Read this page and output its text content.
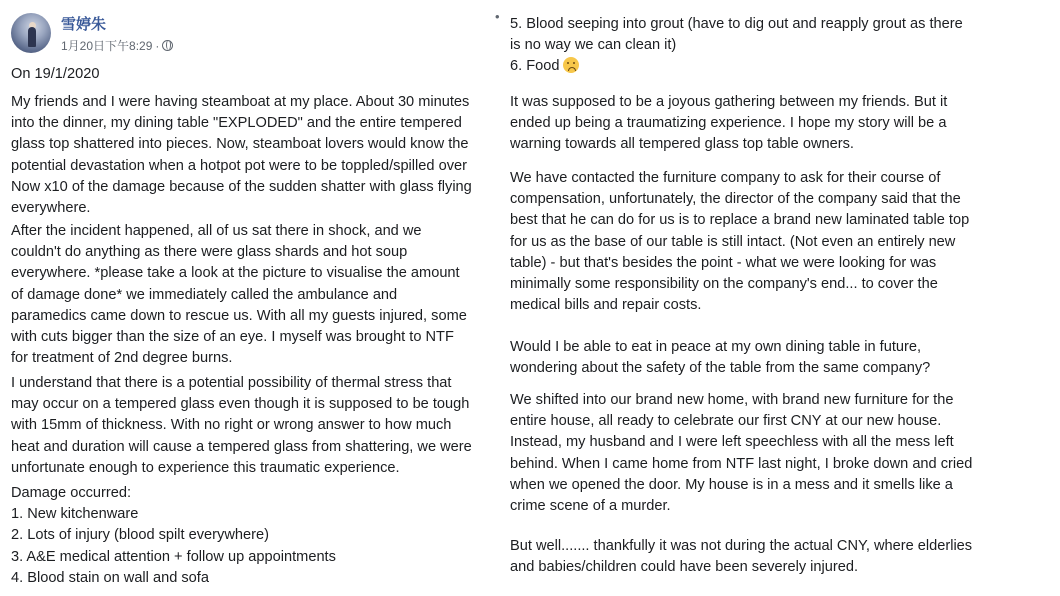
雪婷朱
1月20日下午8:29 ·

On 19/1/2020

My friends and I were having steamboat at my place. About 30 minutes

into the dinner, my dining table "EXPLODED" and the entire tempered

glass top shattered into pieces. Now, steamboat lovers would know the

potential devastation when a hotpot pot were to be toppled/spilled over

Now x10 of the damage because of the sudden shatter with glass flying

everywhere.

After the incident happened, all of us sat there in shock, and we

couldn't do anything as there were glass shards and hot soup

everywhere. *please take a look at the picture to visualise the amount

of damage done* we immediately called the ambulance and

paramedics came down to rescue us. With all my guests injured, some

with cuts bigger than the size of an eye. I myself was brought to NTF

for treatment of 2nd degree burns.

I understand that there is a potential possibility of thermal stress that

may occur on a tempered glass even though it is supposed to be tough

with 15mm of thickness. With no right or wrong answer to how much

heat and duration will cause a tempered glass from shattering, we were

unfortunate enough to experience this traumatic experience.

Damage occurred:

1. New kitchenware

2. Lots of injury (blood spilt everywhere)

3. A&E medical attention + follow up appointments

4. Blood stain on wall and sofa

• 5. Blood seeping into grout (have to dig out and reapply grout as there

is no way we can clean it)

6. Food

It was supposed to be a joyous gathering between my friends. But it

ended up being a traumatizing experience. I hope my story will be a

warning towards all tempered glass top table owners.

We have contacted the furniture company to ask for their course of

compensation, unfortunately, the director of the company said that the

best that he can do for us is to replace a brand new laminated table top

for us as the base of our table is still intact. (Not even an entirely new

table) - but that's besides the point - what we were looking for was

minimally some responsibility on the company's end... to cover the

medical bills and repair costs.

Would I be able to eat in peace at my own dining table in future,

wondering about the safety of the table from the same company?

We shifted into our brand new home, with brand new furniture for the

entire house, all ready to celebrate our first CNY at our new house.

Instead, my husband and I were left speechless with all the mess left

behind. When I came home from NTF last night, I broke down and cried

when we opened the door. My house is in a mess and it smells like a

crime scene of a murder.

But well....... thankfully it was not during the actual CNY, where elderlies

and babies/children could have been severely injured.
